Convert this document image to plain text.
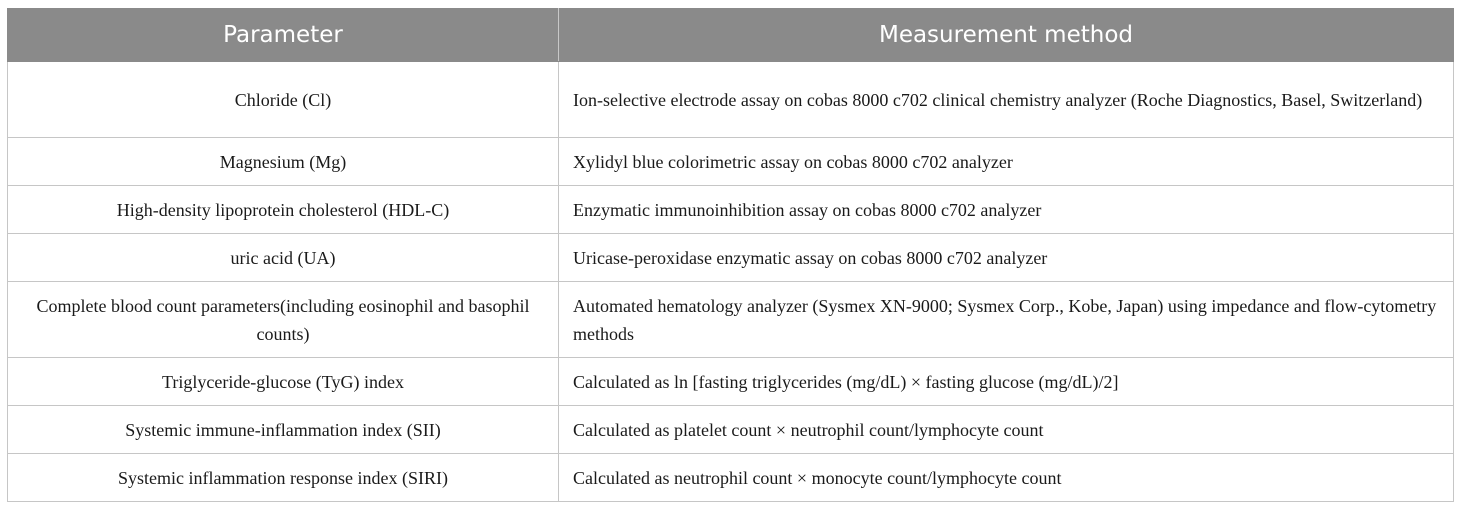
Parameter	Measurement method
Chloride (Cl)	Ion-selective electrode assay on cobas 8000 c702 clinical chemistry analyzer (Roche Diagnostics, Basel, Switzerland)
Magnesium (Mg)	Xylidyl blue colorimetric assay on cobas 8000 c702 analyzer
High-density lipoprotein cholesterol (HDL-C)	Enzymatic immunoinhibition assay on cobas 8000 c702 analyzer
uric acid (UA)	Uricase-peroxidase enzymatic assay on cobas 8000 c702 analyzer
Complete blood count parameters(including eosinophil and basophil counts)	Automated hematology analyzer (Sysmex XN-9000; Sysmex Corp., Kobe, Japan) using impedance and flow-cytometry methods
Triglyceride-glucose (TyG) index	Calculated as ln [fasting triglycerides (mg/dL) × fasting glucose (mg/dL)/2]
Systemic immune-inflammation index (SII)	Calculated as platelet count × neutrophil count/lymphocyte count
Systemic inflammation response index (SIRI)	Calculated as neutrophil count × monocyte count/lymphocyte count
